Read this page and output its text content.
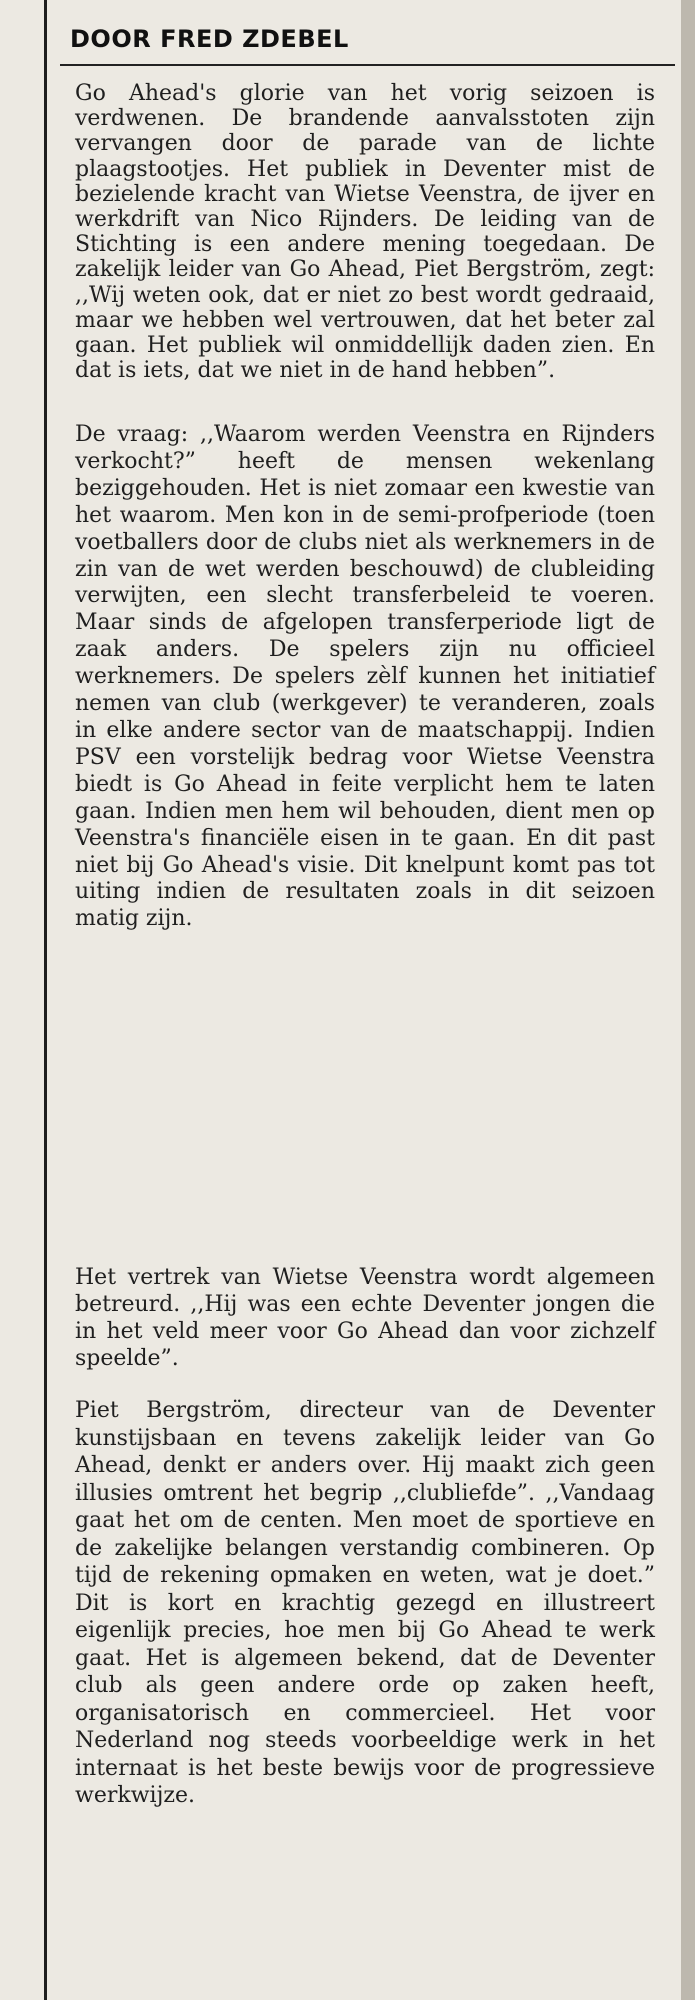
DOOR FRED ZDEBEL

Go Ahead's glorie van het vorig seizoen is verdwenen. De brandende aanvalsstoten zijn vervangen door de parade van de lichte plaagstootjes. Het publiek in Deventer mist de bezielende kracht van Wietse Veenstra, de ijver en werkdrift van Nico Rijnders. De leiding van de Stichting is een andere mening toegedaan. De zakelijk leider van Go Ahead, Piet Bergström, zegt: ,,Wij weten ook, dat er niet zo best wordt gedraaid, maar we hebben wel vertrouwen, dat het beter zal gaan. Het publiek wil onmiddellijk daden zien. En dat is iets, dat we niet in de hand hebben”.

De vraag: ,,Waarom werden Veenstra en Rijnders verkocht?” heeft de mensen wekenlang beziggehouden. Het is niet zomaar een kwestie van het waarom. Men kon in de semi-profperiode (toen voetballers door de clubs niet als werknemers in de zin van de wet werden beschouwd) de clubleiding verwijten, een slecht transferbeleid te voeren. Maar sinds de afgelopen transferperiode ligt de zaak anders. De spelers zijn nu officieel werknemers. De spelers zèlf kunnen het initiatief nemen van club (werkgever) te veranderen, zoals in elke andere sector van de maatschappij. Indien PSV een vorstelijk bedrag voor Wietse Veenstra biedt is Go Ahead in feite verplicht hem te laten gaan. Indien men hem wil behouden, dient men op Veenstra's financiële eisen in te gaan. En dit past niet bij Go Ahead's visie. Dit knelpunt komt pas tot uiting indien de resultaten zoals in dit seizoen matig zijn.

Het vertrek van Wietse Veenstra wordt algemeen betreurd. ,,Hij was een echte Deventer jongen die in het veld meer voor Go Ahead dan voor zichzelf speelde”.

Piet Bergström, directeur van de Deventer kunstijsbaan en tevens zakelijk leider van Go Ahead, denkt er anders over. Hij maakt zich geen illusies omtrent het begrip ,,clubliefde”. ,,Vandaag gaat het om de centen. Men moet de sportieve en de zakelijke belangen verstandig combineren. Op tijd de rekening opmaken en weten, wat je doet.” Dit is kort en krachtig gezegd en illustreert eigenlijk precies, hoe men bij Go Ahead te werk gaat. Het is algemeen bekend, dat de Deventer club als geen andere orde op zaken heeft, organisatorisch en commercieel. Het voor Nederland nog steeds voorbeeldige werk in het internaat is het beste bewijs voor de progressieve werkwijze.
